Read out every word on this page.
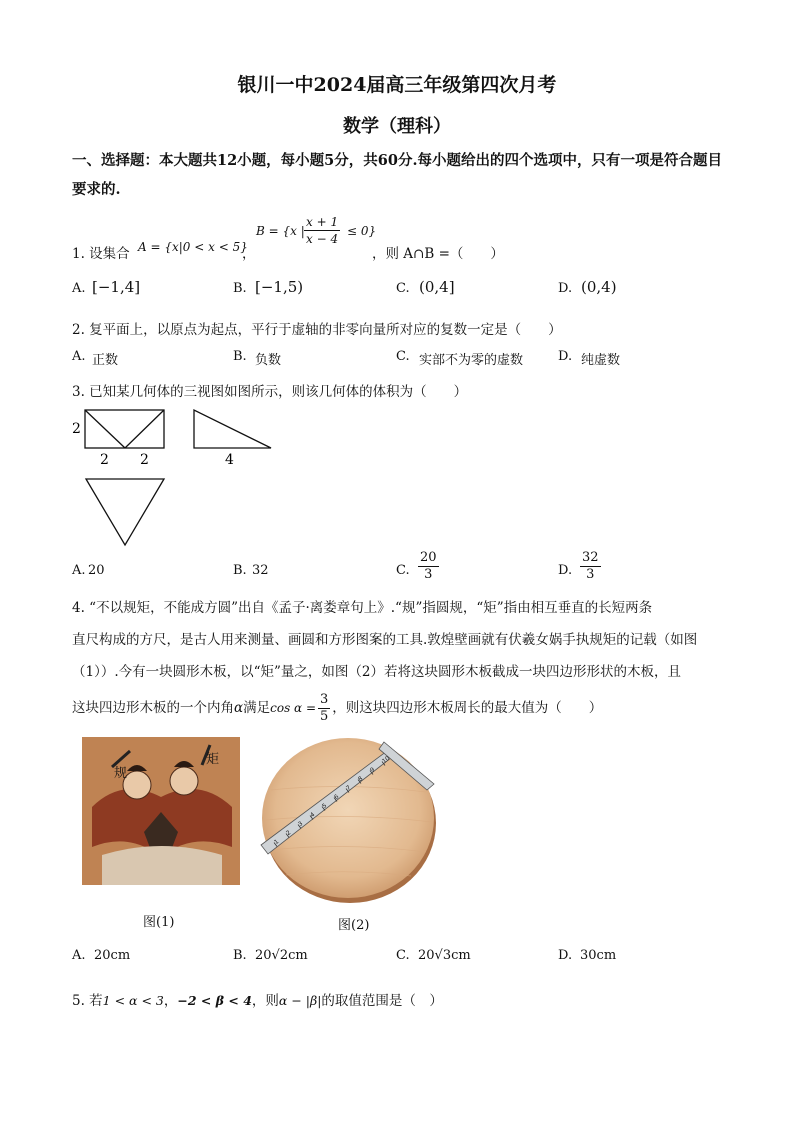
银川一中2024届高三年级第四次月考
数学（理科）
一、选择题：本大题共12小题，每小题5分，共60分.每小题给出的四个选项中，只有一项是符合题目要求的.
1. 设集合 A = {x|0 < x < 5}
，
B = {x | $\frac{x + 1}{x - 4} \le 0$}
，则 A∩B =（　　）
A. [−1,4]	B. [−1,5)	C. (0,4]	D. (0,4)
2. 复平面上，以原点为起点，平行于虚轴的非零向量所对应的复数一定是（　　）
A. 正数	B. 负数	C. 实部不为零的虚数	D. 纯虚数
3. 已知某几何体的三视图如图所示，则该几何体的体积为（　　）
2
2 2	4
A. 20	B. 32	C. $\frac{20}{3}$	D. $\frac{32}{3}$
4. “不以规矩，不能成方圆”出自《孟子·离娄章句上》.“规”指圆规，“矩”指由相互垂直的长短两条
直尺构成的方尺，是古人用来测量、画圆和方形图案的工具.敦煌壁画就有伏羲女娲手执规矩的记载（如图
（1））.今有一块圆形木板，以“矩”量之，如图（2）若将这块圆形木板截成一块四边形形状的木板，且
这块四边形木板的一个内角α满足$\cos \alpha = \frac{3}{5}$ ，则这块四边形木板周长的最大值为（　　）
规
矩
图(1)
10
9
8
7
6
5
4
3
2
1
图(2)
A. 20cm	B. 20√2cm	C. 20√3cm	D. 30cm
5. 若1 < α < 3，−2 < β < 4，则α − |β|的取值范围是（　）
